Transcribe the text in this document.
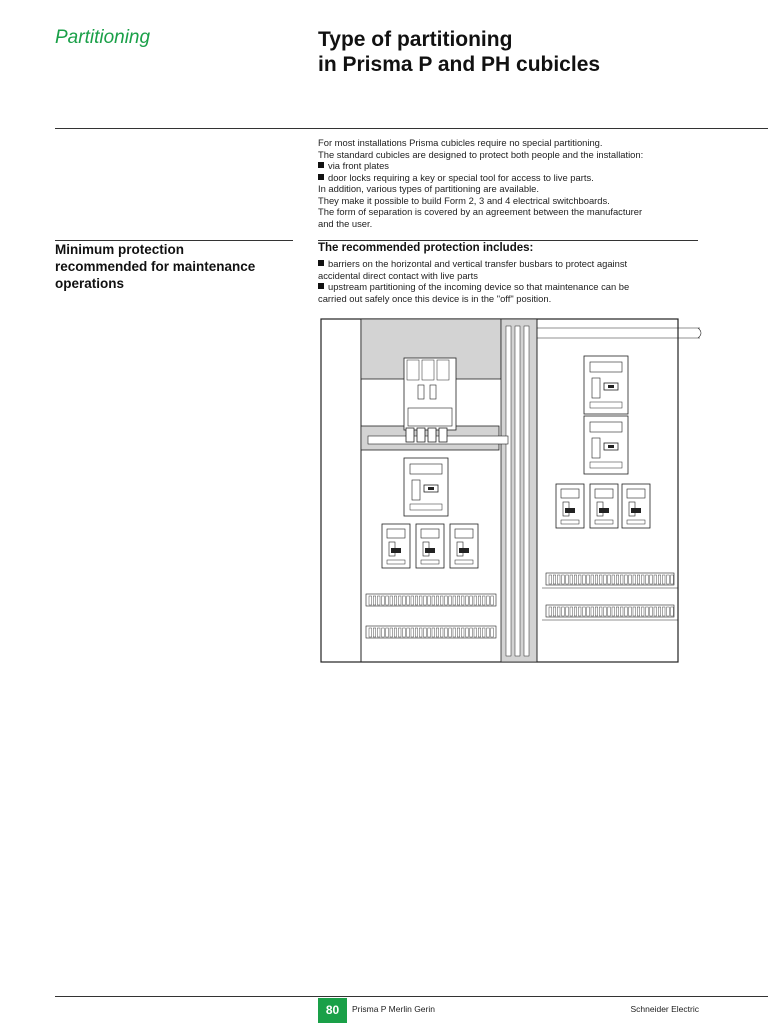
Partitioning	Type of partitioning
in Prisma P and PH cubicles

For most installations Prisma cubicles require no special partitioning.

The standard cubicles are designed to protect both people and the installation:

via front plates

door locks requiring a key or special tool for access to live parts.

In addition, various types of partitioning are available.

They make it possible to build Form 2, 3 and 4 electrical switchboards.

The form of separation is covered by an agreement between the manufacturer

and the user.

Minimum protection
recommended for maintenance
operations
The recommended protection includes:

barriers on the horizontal and vertical transfer busbars to protect against

accidental direct contact with live parts

upstream partitioning of the incoming device so that maintenance can be

carried out safely once this device is in the "off" position.

80	Prisma P Merlin Gerin	Schneider Electric
